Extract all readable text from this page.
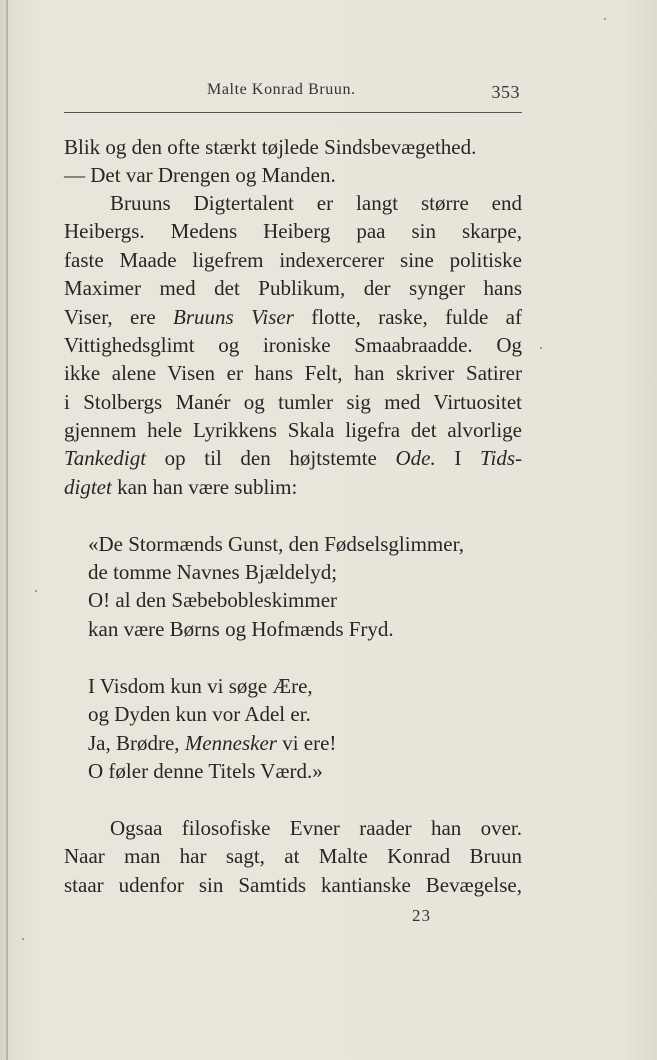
Malte Konrad Bruun.	353
Blik og den ofte stærkt tøjlede Sindsbevægethed.
— Det var Drengen og Manden.
Bruuns Digtertalent er langt større end
Heibergs. Medens Heiberg paa sin skarpe,
faste Maade ligefrem indexercerer sine politiske
Maximer med det Publikum, der synger hans
Viser, ere Bruuns Viser flotte, raske, fulde af
Vittighedsglimt og ironiske Smaabraadde. Og
ikke alene Visen er hans Felt, han skriver Satirer
i Stolbergs Manér og tumler sig med Virtuositet
gjennem hele Lyrikkens Skala ligefra det alvorlige
Tankedigt op til den højtstemte Ode. I Tids-
digtet kan han være sublim:
«De Stormænds Gunst, den Fødselsglimmer,
de tomme Navnes Bjældelyd;
O! al den Sæbebobleskimmer
kan være Børns og Hofmænds Fryd.
I Visdom kun vi søge Ære,
og Dyden kun vor Adel er.
Ja, Brødre, Mennesker vi ere!
O føler denne Titels Værd.»
Ogsaa filosofiske Evner raader han over.
Naar man har sagt, at Malte Konrad Bruun
staar udenfor sin Samtids kantianske Bevægelse,
23
